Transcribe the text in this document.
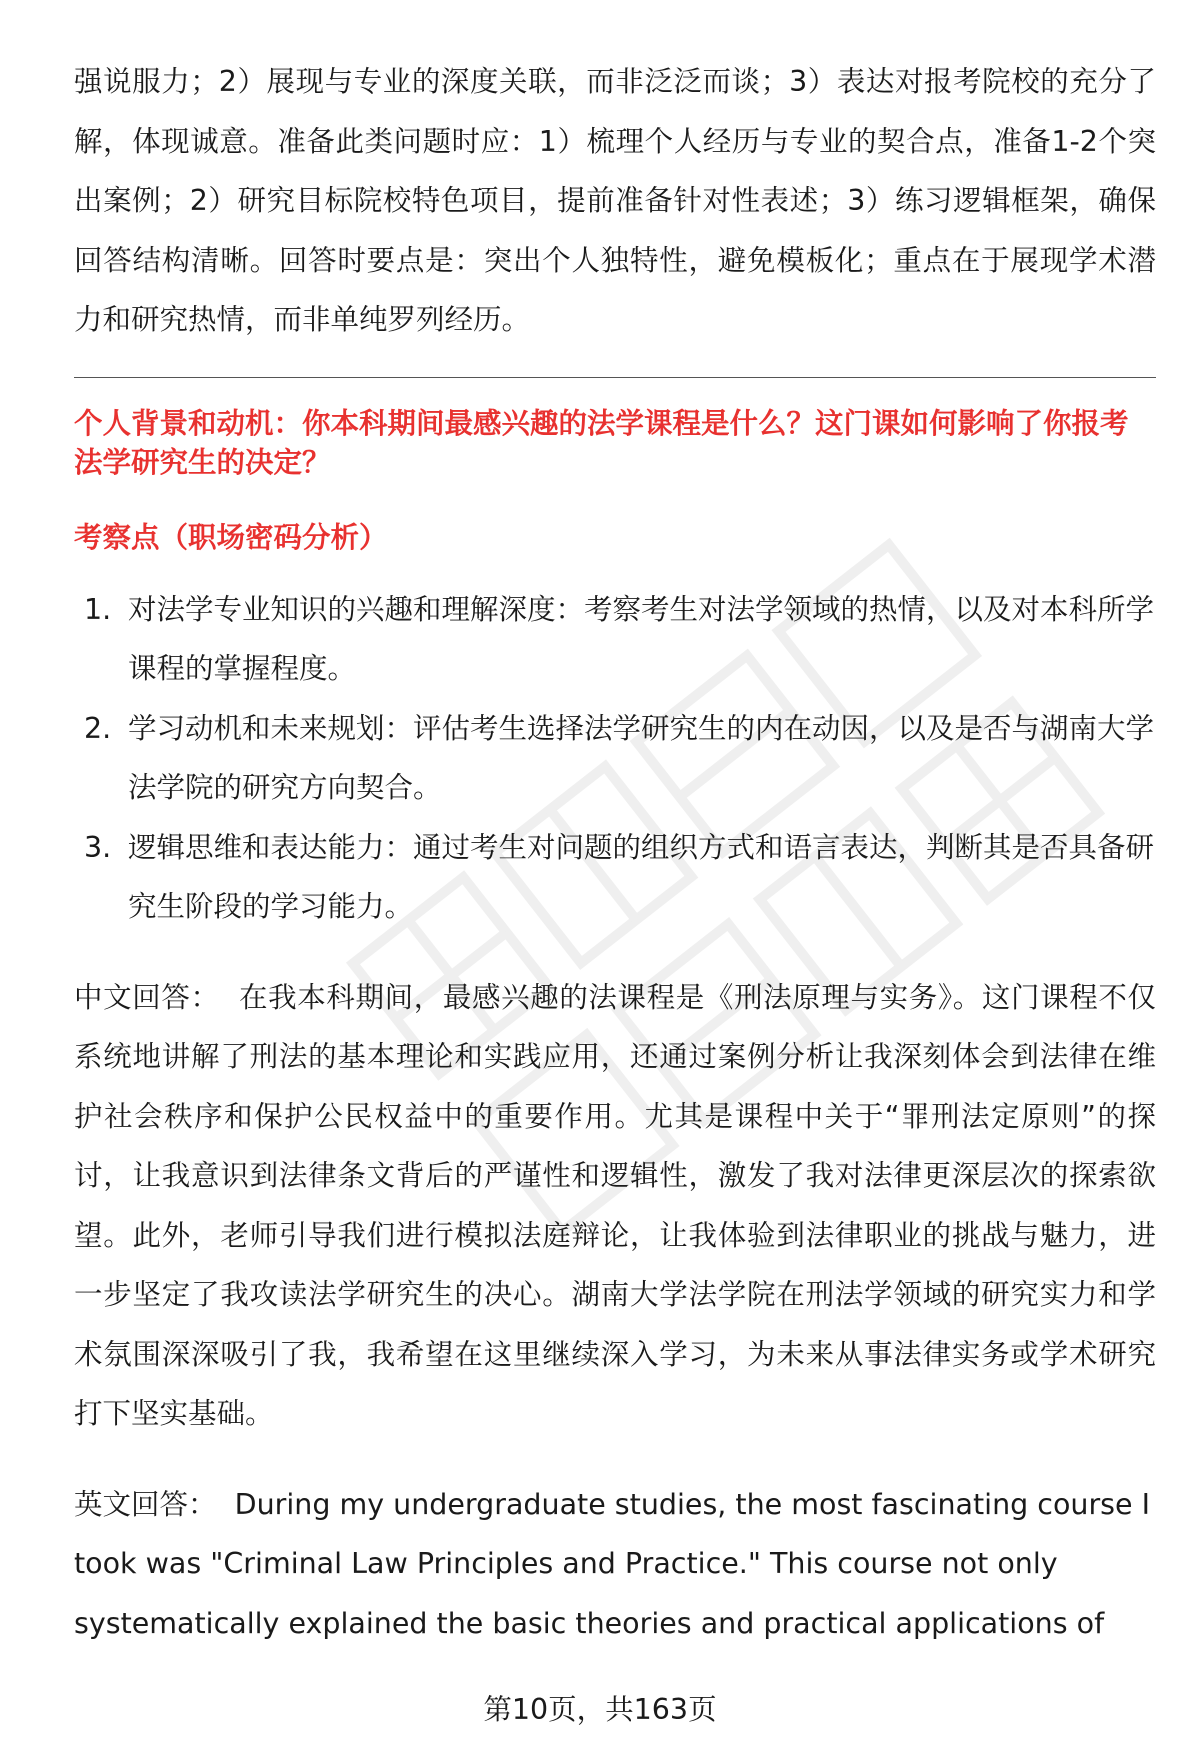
强说服力；2）展现与专业的深度关联，而非泛泛而谈；3）表达对报考院校的充分了解，体现诚意。准备此类问题时应：1）梳理个人经历与专业的契合点，准备1-2个突出案例；2）研究目标院校特色项目，提前准备针对性表述；3）练习逻辑框架，确保回答结构清晰。回答时要点是：突出个人独特性，避免模板化；重点在于展现学术潜力和研究热情，而非单纯罗列经历。

个人背景和动机：你本科期间最感兴趣的法学课程是什么？这门课如何影响了你报考法学研究生的决定？

考察点（职场密码分析）

1. 对法学专业知识的兴趣和理解深度：考察考生对法学领域的热情，以及对本科所学课程的掌握程度。
2. 学习动机和未来规划：评估考生选择法学研究生的内在动因，以及是否与湖南大学法学院的研究方向契合。
3. 逻辑思维和表达能力：通过考生对问题的组织方式和语言表达，判断其是否具备研究生阶段的学习能力。

中文回答： 在我本科期间，最感兴趣的法课程是《刑法原理与实务》。这门课程不仅系统地讲解了刑法的基本理论和实践应用，还通过案例分析让我深刻体会到法律在维护社会秩序和保护公民权益中的重要作用。尤其是课程中关于“罪刑法定原则”的探讨，让我意识到法律条文背后的严谨性和逻辑性，激发了我对法律更深层次的探索欲望。此外，老师引导我们进行模拟法庭辩论，让我体验到法律职业的挑战与魅力，进一步坚定了我攻读法学研究生的决心。湖南大学法学院在刑法学领域的研究实力和学术氛围深深吸引了我，我希望在这里继续深入学习，为未来从事法律实务或学术研究打下坚实基础。

英文回答： During my undergraduate studies, the most fascinating course I took was "Criminal Law Principles and Practice." This course not only systematically explained the basic theories and practical applications of

第10页，共163页
